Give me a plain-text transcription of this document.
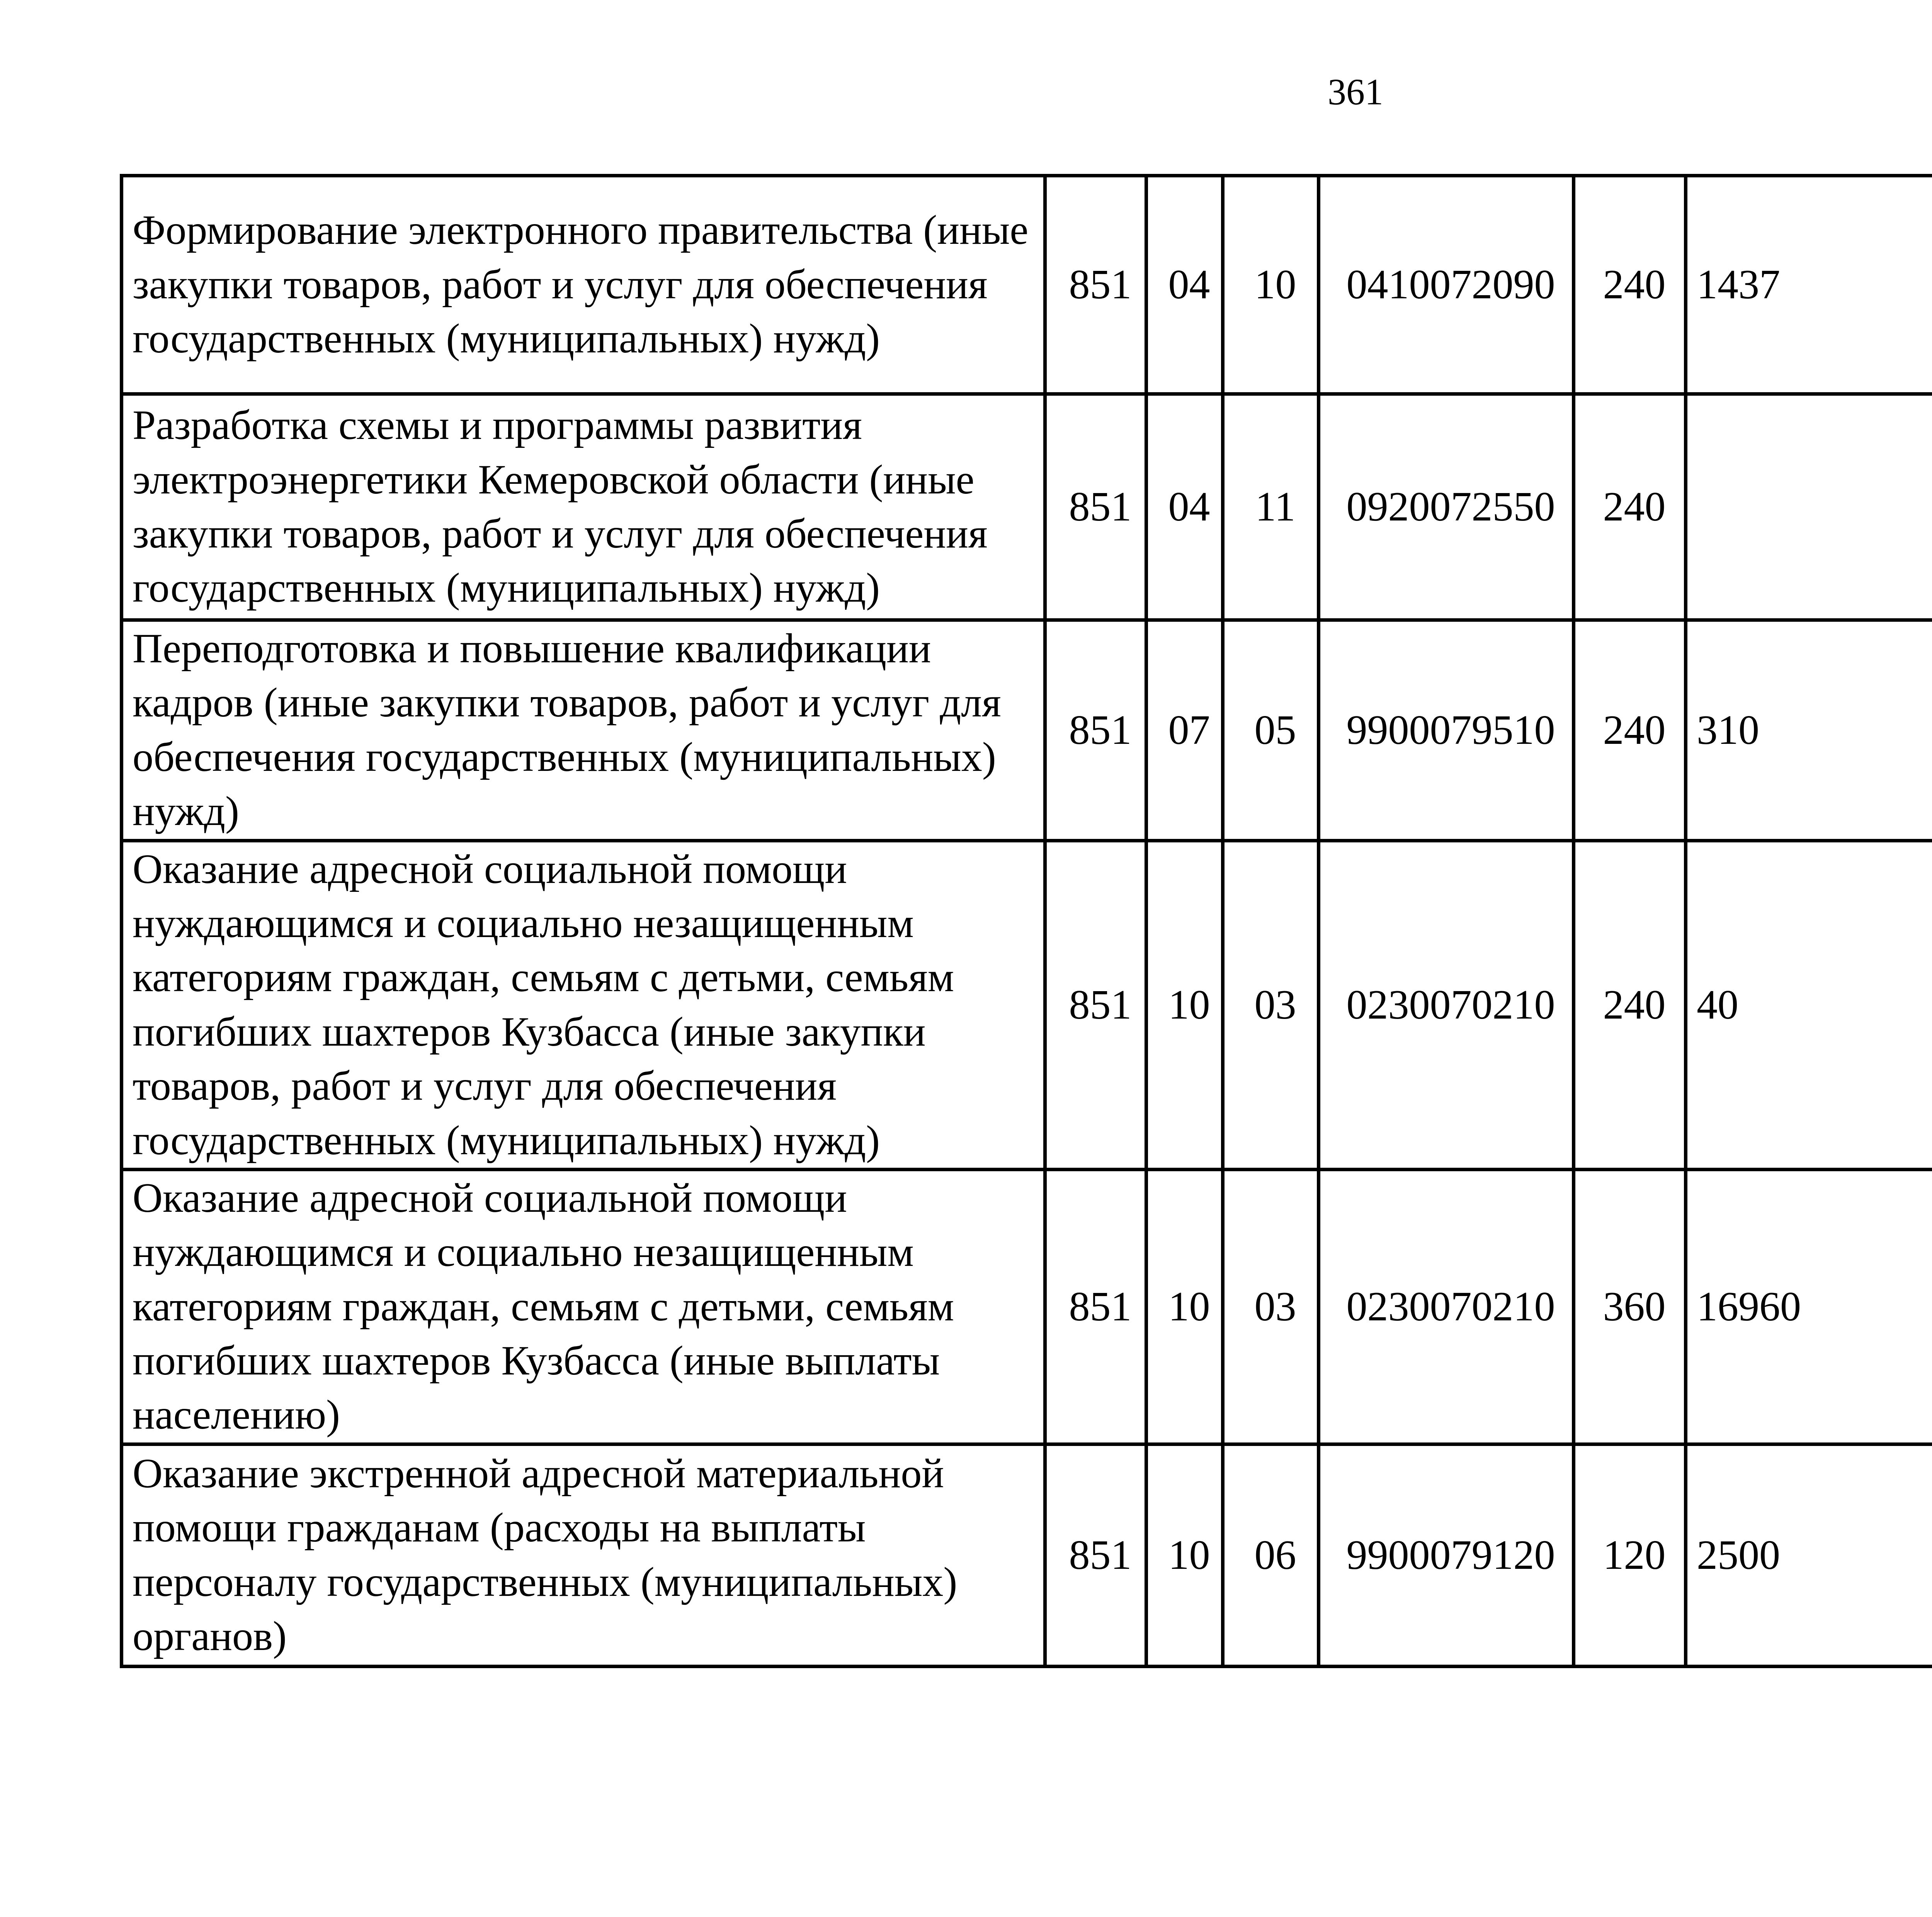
361
Формирование электронного правительства (иные закупки товаров, работ и услуг для обеспечения государственных (муниципальных) нужд)	851	04	10	0410072090	240	1437		
Разработка схемы и программы развития электроэнергетики Кемеровской области (иные закупки товаров, работ и услуг для обеспечения государственных (муниципальных) нужд)	851	04	11	0920072550	240			
Переподготовка и повышение квалификации кадров (иные закупки товаров, работ и услуг для обеспечения государственных (муниципальных) нужд)	851	07	05	9900079510	240	310		
Оказание адресной социальной помощи нуждающимся и социально незащищенным категориям граждан, семьям с детьми, семьям погибших шахтеров Кузбасса (иные закупки товаров, работ и услуг для обеспечения государственных (муниципальных) нужд)	851	10	03	0230070210	240	40		
Оказание адресной социальной помощи нуждающимся и социально незащищенным категориям граждан, семьям с детьми, семьям погибших шахтеров Кузбасса (иные выплаты населению)	851	10	03	0230070210	360	16960		
Оказание экстренной адресной материальной помощи гражданам (расходы на выплаты персоналу государственных (муниципальных) органов)	851	10	06	9900079120	120	2500		
